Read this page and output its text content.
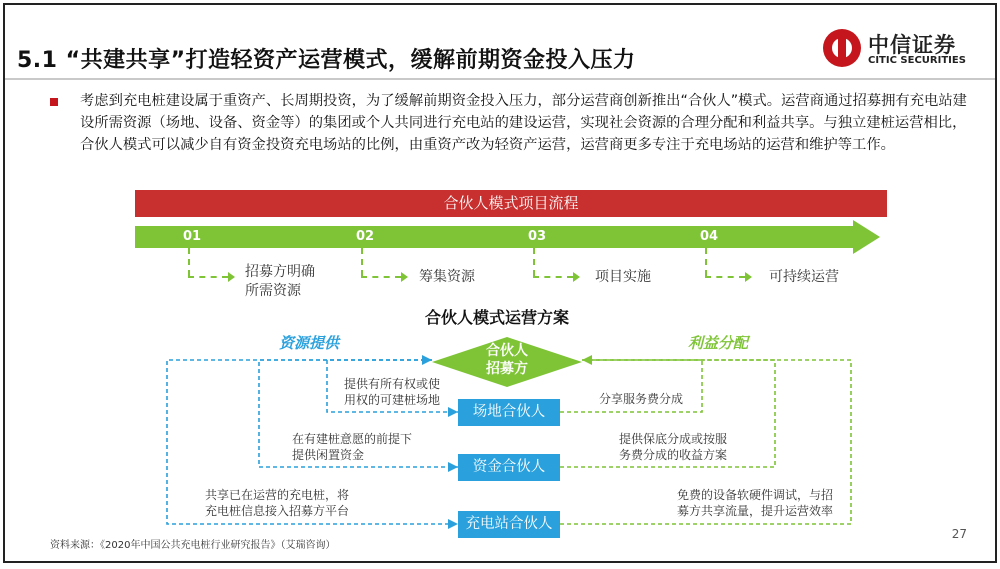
5.1 “共建共享”打造轻资产运营模式，缓解前期资金投入压力
中信证券
CITIC SECURITIES
考虑到充电桩建设属于重资产、长周期投资，为了缓解前期资金投入压力，部分运营商创新推出“合伙人”模式。运营商通过招募拥有充电站建设所需资源（场地、设备、资金等）的集团或个人共同进行充电站的建设运营，实现社会资源的合理分配和利益共享。与独立建桩运营相比，合伙人模式可以减少自有资金投资充电场站的比例，由重资产改为轻资产运营，运营商更多专注于充电场站的运营和维护等工作。
合伙人模式项目流程
01	02	03	04
招募方明确
所需资源
筹集资源	项目实施	可持续运营
合伙人模式运营方案
资源提供	利益分配
合伙人
招募方
场地合伙人
资金合伙人
充电站合伙人
提供有所有权或使
用权的可建桩场地
在有建桩意愿的前提下
提供闲置资金
共享已在运营的充电桩，将
充电桩信息接入招募方平台
分享服务费分成
提供保底分成或按服
务费分成的收益方案
免费的设备软硬件调试，与招
募方共享流量，提升运营效率
资料来源：《2020年中国公共充电桩行业研究报告》（艾瑞咨询）
27
